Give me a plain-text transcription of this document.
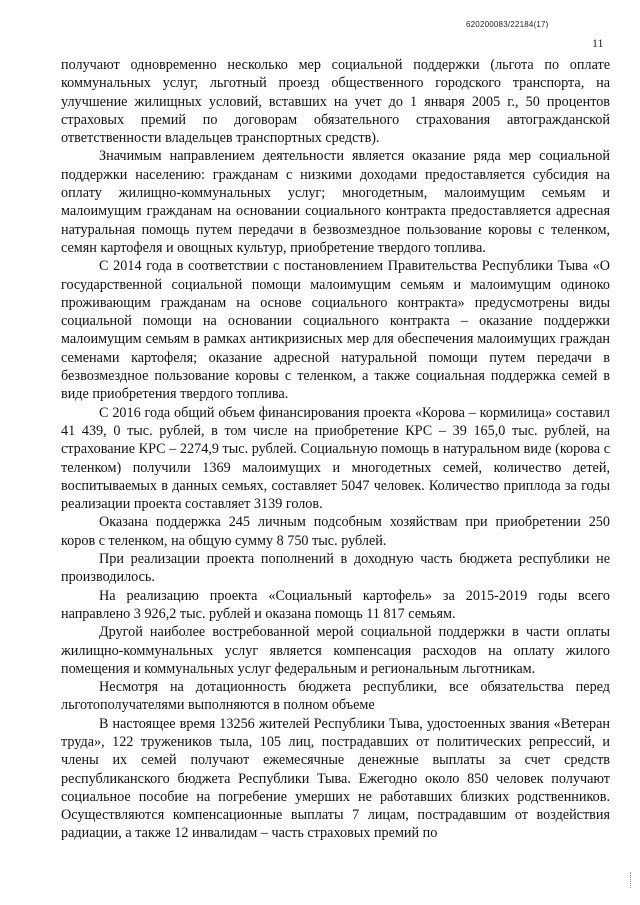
620200083/22184(17)
11

получают одновременно несколько мер социальной поддержки (льгота по оплате коммунальных услуг, льготный проезд общественного городского транспорта, на улучшение жилищных условий, вставших на учет до 1 января 2005 г., 50 процентов страховых премий по договорам обязательного страхования автогражданской ответственности владельцев транспортных средств).

Значимым направлением деятельности является оказание ряда мер социальной поддержки населению: гражданам с низкими доходами предоставляется субсидия на оплату жилищно-коммунальных услуг; многодетным, малоимущим семьям и малоимущим гражданам на основании социального контракта предоставляется адресная натуральная помощь путем передачи в безвозмездное пользование коровы с теленком, семян картофеля и овощных культур, приобретение твердого топлива.

С 2014 года в соответствии с постановлением Правительства Республики Тыва «О государственной социальной помощи малоимущим семьям и малоимущим одиноко проживающим гражданам на основе социального контракта» предусмотрены виды социальной помощи на основании социального контракта – оказание поддержки малоимущим семьям в рамках антикризисных мер для обеспечения малоимущих граждан семенами картофеля; оказание адресной натуральной помощи путем передачи в безвозмездное пользование коровы с теленком, а также социальная поддержка семей в виде приобретения твердого топлива.

С 2016 года общий объем финансирования проекта «Корова – кормилица» составил 41 439, 0 тыс. рублей, в том числе на приобретение КРС – 39 165,0 тыс. рублей, на страхование КРС – 2274,9 тыс. рублей. Социальную помощь в натуральном виде (корова с теленком) получили 1369 малоимущих и многодетных семей, количество детей, воспитываемых в данных семьях, составляет 5047 человек. Количество приплода за годы реализации проекта составляет 3139 голов.

Оказана поддержка 245 личным подсобным хозяйствам при приобретении 250 коров с теленком, на общую сумму 8 750 тыс. рублей.

При реализации проекта пополнений в доходную часть бюджета республики не производилось.

На реализацию проекта «Социальный картофель» за 2015-2019 годы всего направлено 3 926,2 тыс. рублей и оказана помощь 11 817 семьям.

Другой наиболее востребованной мерой социальной поддержки в части оплаты жилищно-коммунальных услуг является компенсация расходов на оплату жилого помещения и коммунальных услуг федеральным и региональным льготникам.

Несмотря на дотационность бюджета республики, все обязательства перед льготополучателями выполняются в полном объеме

В настоящее время 13256 жителей Республики Тыва, удостоенных звания «Ветеран труда», 122 тружеников тыла, 105 лиц, пострадавших от политических репрессий, и члены их семей получают ежемесячные денежные выплаты за счет средств республиканского бюджета Республики Тыва. Ежегодно около 850 человек получают социальное пособие на погребение умерших не работавших близких родственников. Осуществляются компенсационные выплаты 7 лицам, пострадавшим от воздействия радиации, а также 12 инвалидам – часть страховых премий по
